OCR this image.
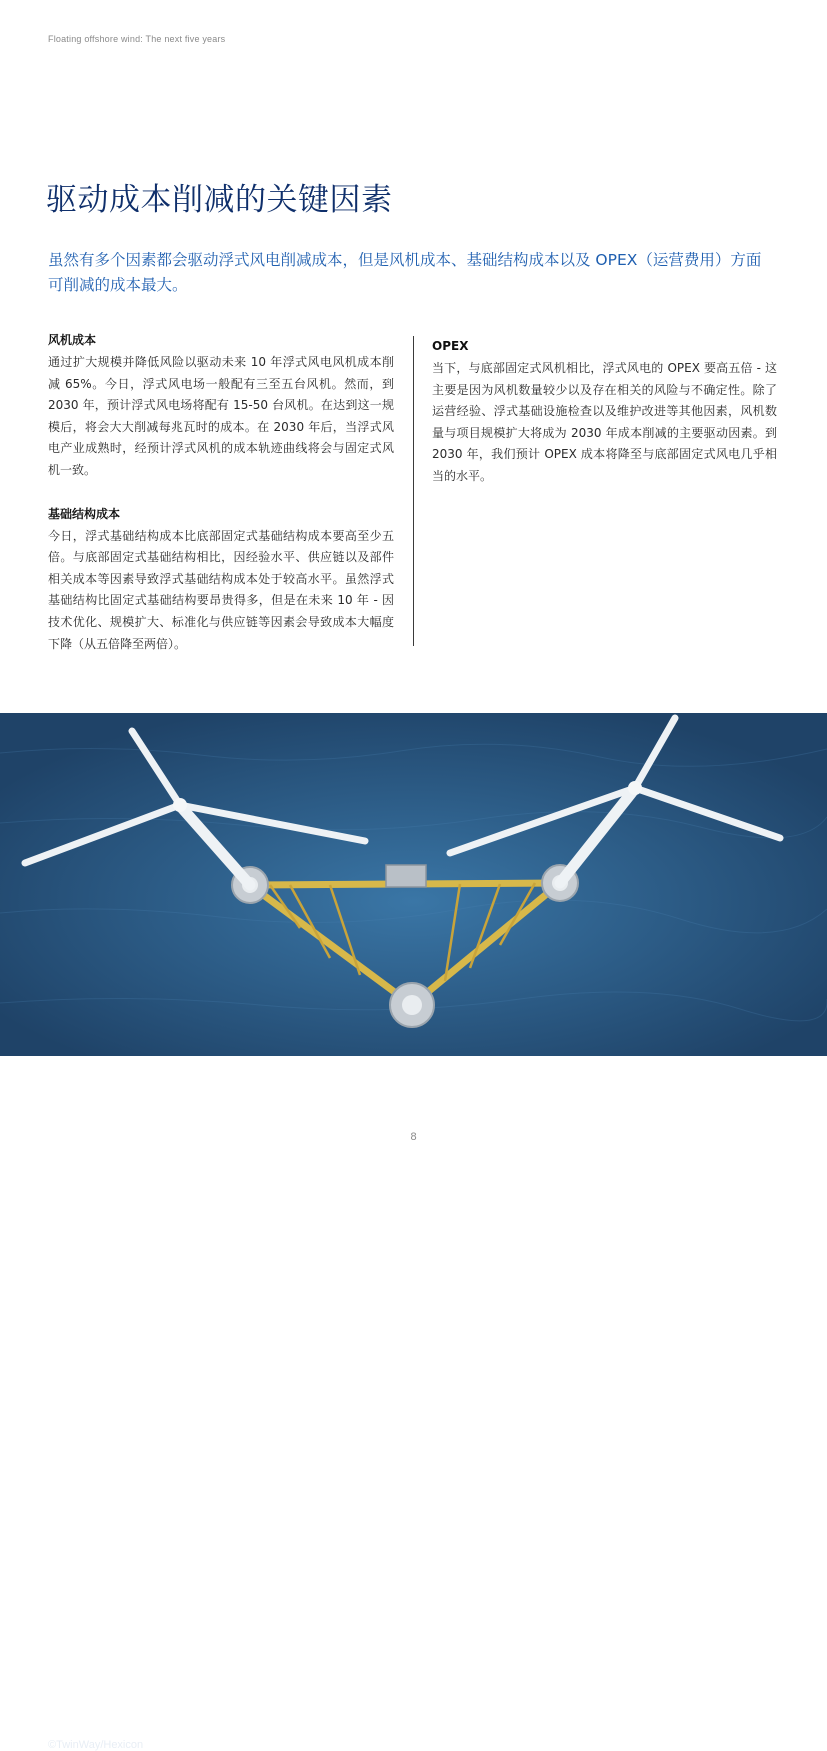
Floating offshore wind: The next five years
驱动成本削减的关键因素

虽然有多个因素都会驱动浮式风电削减成本，但是风机成本、基础结构成本以及 OPEX（运营费用）方面可削减的成本最大。

风机成本

通过扩大规模并降低风险以驱动未来 10 年浮式风电风机成本削减 65%。今日，浮式风电场一般配有三至五台风机。然而，到 2030 年，预计浮式风电场将配有 15-50 台风机。在达到这一规模后，将会大大削减每兆瓦时的成本。在 2030 年后，当浮式风电产业成熟时，经预计浮式风机的成本轨迹曲线将会与固定式风机一致。

基础结构成本

今日，浮式基础结构成本比底部固定式基础结构成本要高至少五倍。与底部固定式基础结构相比，因经验水平、供应链以及部件相关成本等因素导致浮式基础结构成本处于较高水平。虽然浮式基础结构比固定式基础结构要昂贵得多，但是在未来 10 年 - 因技术优化、规模扩大、标准化与供应链等因素会导致成本大幅度下降（从五倍降至两倍）。

OPEX

当下，与底部固定式风机相比，浮式风电的 OPEX 要高五倍 - 这主要是因为风机数量较少以及存在相关的风险与不确定性。除了运营经验、浮式基础设施检查以及维护改进等其他因素，风机数量与项目规模扩大将成为 2030 年成本削减的主要驱动因素。到 2030 年，我们预计 OPEX 成本将降至与底部固定式风电几乎相当的水平。

©TwinWay/Hexicon
8
